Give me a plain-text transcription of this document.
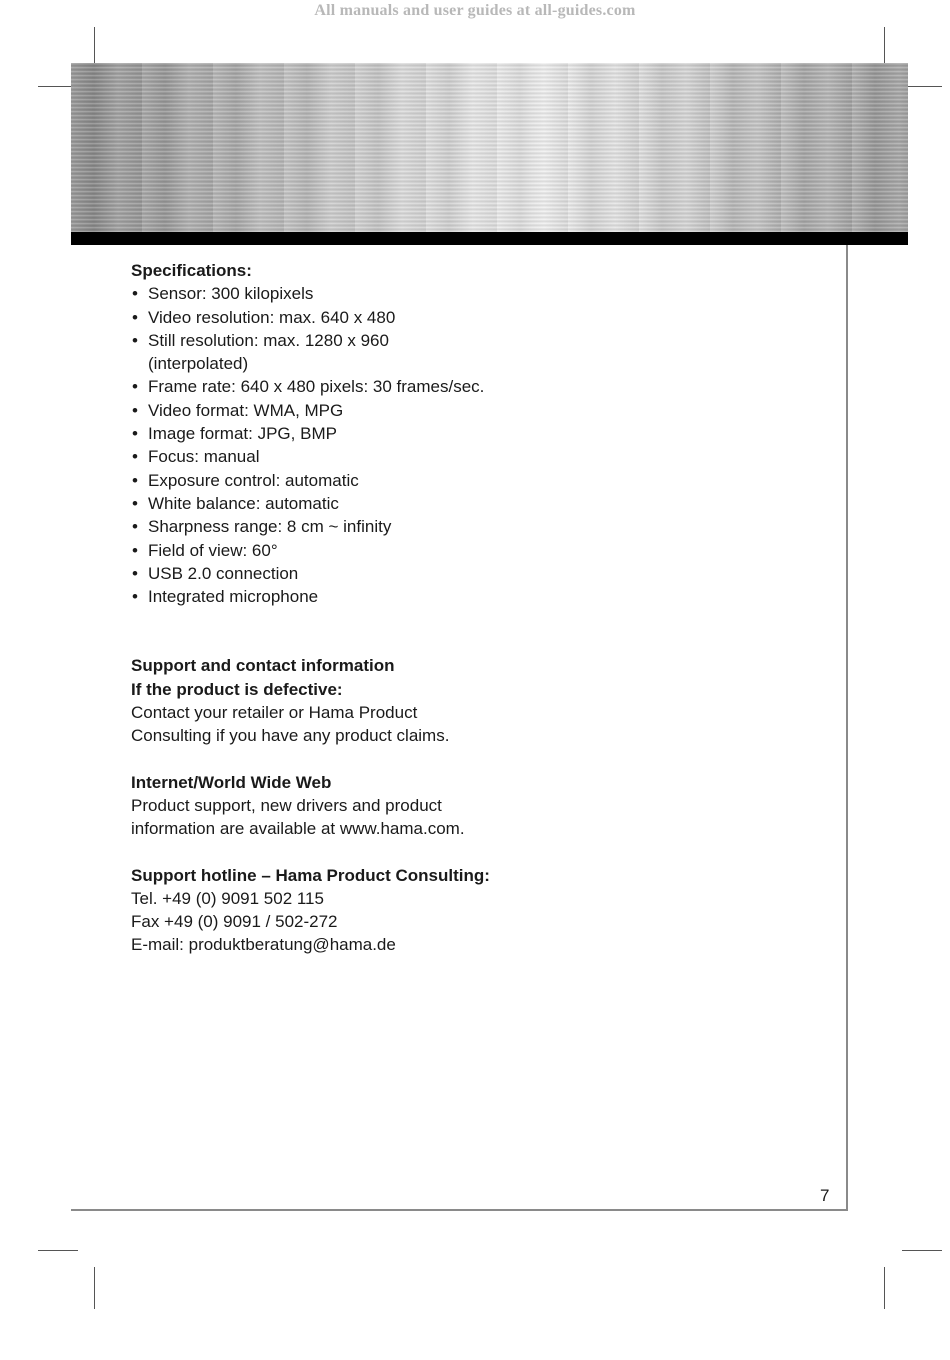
All manuals and user guides at all-guides.com

Specifications:

• Sensor: 300 kilopixels
• Video resolution: max. 640 x 480
• Still resolution: max. 1280 x 960
(interpolated)
• Frame rate: 640 x 480 pixels: 30 frames/sec.
• Video format: WMA, MPG
• Image format: JPG, BMP
• Focus: manual
• Exposure control: automatic
• White balance: automatic
• Sharpness range: 8 cm ~ infinity
• Field of view: 60°
• USB 2.0 connection
• Integrated microphone

Support and contact information

If the product is defective:

Contact your retailer or Hama Product

Consulting if you have any product claims.

Internet/World Wide Web

Product support, new drivers and product

information are available at www.hama.com.

Support hotline – Hama Product Consulting:

Tel. +49 (0) 9091 502 115

Fax +49 (0) 9091 / 502-272

E-mail: produktberatung@hama.de

7
